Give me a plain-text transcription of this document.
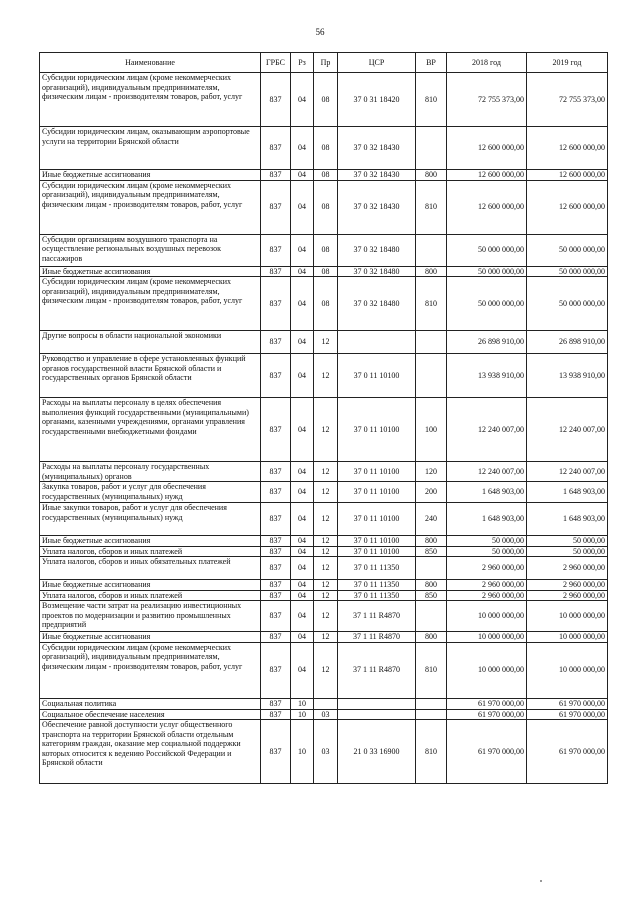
56
Наименование	ГРБС	Рз	Пр	ЦСР	ВР	2018 год	2019 год
Субсидии юридическим лицам (кроме некоммерческих организаций), индивидуальным предпринимателям, физическим лицам - производителям товаров, работ, услуг	837	04	08	37 0 31 18420	810	72 755 373,00	72 755 373,00
Субсидии юридическим лицам, оказывающим аэропортовые услуги на территории Брянской области	837	04	08	37 0 32 18430		12 600 000,00	12 600 000,00
Иные бюджетные ассигнования	837	04	08	37 0 32 18430	800	12 600 000,00	12 600 000,00
Субсидии юридическим лицам (кроме некоммерческих организаций), индивидуальным предпринимателям, физическим лицам - производителям товаров, работ, услуг	837	04	08	37 0 32 18430	810	12 600 000,00	12 600 000,00
Субсидии организациям воздушного транспорта на осуществление региональных воздушных перевозок пассажиров	837	04	08	37 0 32 18480		50 000 000,00	50 000 000,00
Иные бюджетные ассигнования	837	04	08	37 0 32 18480	800	50 000 000,00	50 000 000,00
Субсидии юридическим лицам (кроме некоммерческих организаций), индивидуальным предпринимателям, физическим лицам - производителям товаров, работ, услуг	837	04	08	37 0 32 18480	810	50 000 000,00	50 000 000,00
Другие вопросы в области национальной экономики	837	04	12			26 898 910,00	26 898 910,00
Руководство и управление в сфере установленных функций органов государственной власти Брянской области и государственных органов Брянской области	837	04	12	37 0 11 10100		13 938 910,00	13 938 910,00
Расходы на выплаты персоналу в целях обеспечения выполнения функций государственными (муниципальными) органами, казенными учреждениями, органами управления государственными внебюджетными фондами	837	04	12	37 0 11 10100	100	12 240 007,00	12 240 007,00
Расходы на выплаты персоналу государственных (муниципальных) органов	837	04	12	37 0 11 10100	120	12 240 007,00	12 240 007,00
Закупка товаров, работ и услуг для обеспечения государственных (муниципальных) нужд	837	04	12	37 0 11 10100	200	1 648 903,00	1 648 903,00
Иные закупки товаров, работ и услуг для обеспечения государственных (муниципальных) нужд	837	04	12	37 0 11 10100	240	1 648 903,00	1 648 903,00
Иные бюджетные ассигнования	837	04	12	37 0 11 10100	800	50 000,00	50 000,00
Уплата налогов, сборов и иных платежей	837	04	12	37 0 11 10100	850	50 000,00	50 000,00
Уплата налогов, сборов и иных обязательных платежей	837	04	12	37 0 11 11350		2 960 000,00	2 960 000,00
Иные бюджетные ассигнования	837	04	12	37 0 11 11350	800	2 960 000,00	2 960 000,00
Уплата налогов, сборов и иных платежей	837	04	12	37 0 11 11350	850	2 960 000,00	2 960 000,00
Возмещение части затрат на реализацию инвестиционных проектов по модернизации и развитию промышленных предприятий	837	04	12	37 1 11 R4870		10 000 000,00	10 000 000,00
Иные бюджетные ассигнования	837	04	12	37 1 11 R4870	800	10 000 000,00	10 000 000,00
Субсидии юридическим лицам (кроме некоммерческих организаций), индивидуальным предпринимателям, физическим лицам - производителям товаров, работ, услуг	837	04	12	37 1 11 R4870	810	10 000 000,00	10 000 000,00
Социальная политика	837	10				61 970 000,00	61 970 000,00
Социальное обеспечение населения	837	10	03			61 970 000,00	61 970 000,00
Обеспечение равной доступности услуг общественного транспорта на территории Брянской области отдельным категориям граждан, оказание мер социальной поддержки которых относится к ведению Российской Федерации и Брянской области	837	10	03	21 0 33 16900	810	61 970 000,00	61 970 000,00
